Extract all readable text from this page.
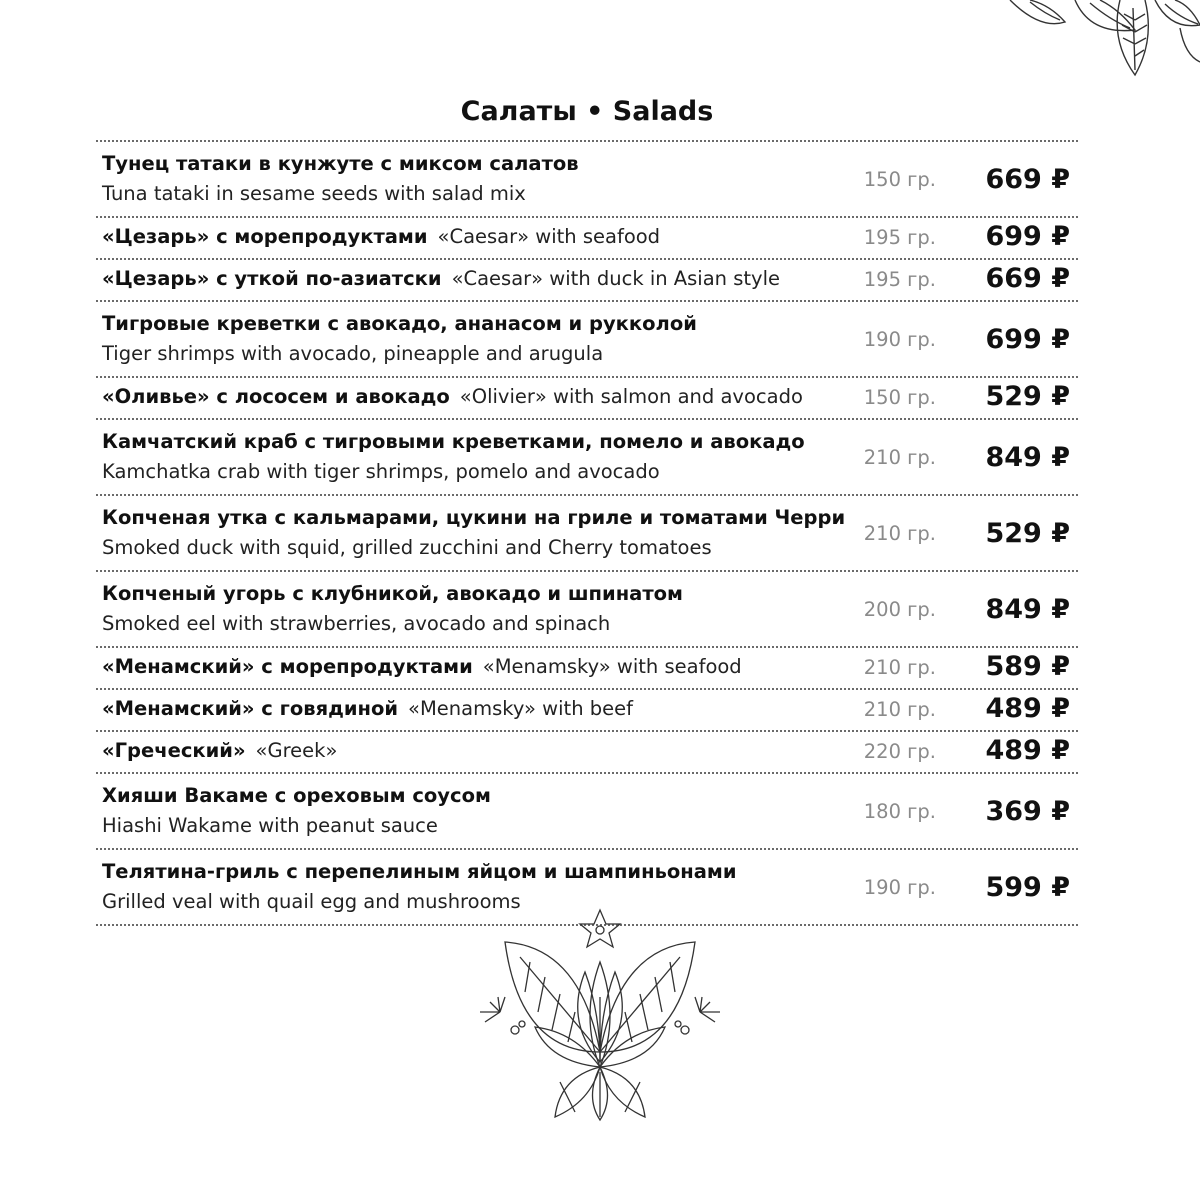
Салаты • Salads
Тунец татаки в кунжуте с миксом салатов
Tuna tataki in sesame seeds with salad mix
150 гр. 669 ₽
«Цезарь» с морепродуктами «Caesar» with seafood	195 гр. 699 ₽
«Цезарь» с уткой по-азиатски «Caesar» with duck in Asian style	195 гр. 669 ₽
Тигровые креветки с авокадо, ананасом и рукколой
Tiger shrimps with avocado, pineapple and arugula
190 гр. 699 ₽
«Оливье» с лососем и авокадо «Olivier» with salmon and avocado	150 гр. 529 ₽
Камчатский краб с тигровыми креветками, помело и авокадо
Kamchatka crab with tiger shrimps, pomelo and avocado
210 гр. 849 ₽
Копченая утка с кальмарами, цукини на гриле и томатами Черри
Smoked duck with squid, grilled zucchini and Cherry tomatoes
210 гр. 529 ₽
Копченый угорь с клубникой, авокадо и шпинатом
Smoked eel with strawberries, avocado and spinach
200 гр. 849 ₽
«Менамский» с морепродуктами «Menamsky» with seafood	210 гр. 589 ₽
«Менамский» с говядиной «Menamsky» with beef	210 гр. 489 ₽
«Греческий» «Greek»	220 гр. 489 ₽
Хияши Вакаме с ореховым соусом
Hiashi Wakame with peanut sauce
180 гр. 369 ₽
Телятина-гриль с перепелиным яйцом и шампиньонами
Grilled veal with quail egg and mushrooms
190 гр. 599 ₽
